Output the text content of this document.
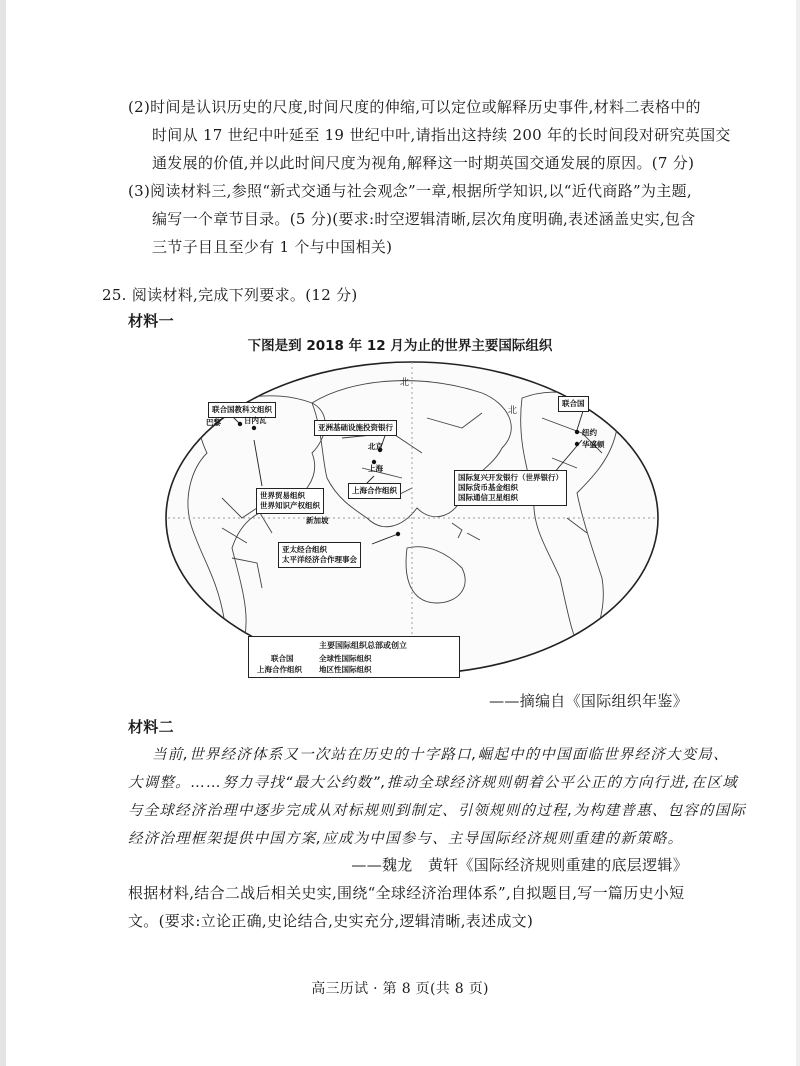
(2)时间是认识历史的尺度,时间尺度的伸缩,可以定位或解释历史事件,材料二表格中的
时间从 17 世纪中叶延至 19 世纪中叶,请指出这持续 200 年的长时间段对研究英国交
通发展的价值,并以此时间尺度为视角,解释这一时期英国交通发展的原因。(7 分)
(3)阅读材料三,参照“新式交通与社会观念”一章,根据所学知识,以“近代商路”为主题,
编写一个章节目录。(5 分)(要求:时空逻辑清晰,层次角度明确,表述涵盖史实,包含
三节子目且至少有 1 个与中国相关)
25. 阅读材料,完成下列要求。(12 分)
材料一
下图是到 2018 年 12 月为止的世界主要国际组织
联合国教科文组织
亚洲基础设施投资银行
联合国
世界贸易组织
世界知识产权组织
上海合作组织
国际复兴开发银行（世界银行）
国际货币基金组织
国际通信卫星组织
亚太经合组织
太平洋经济合作理事会
巴黎	日内瓦
北京
上海
新加坡
纽约
华盛顿
北
北
主要国际组织总部或创立
联合国	全球性国际组织
上海合作组织 地区性国际组织
——摘编自《国际组织年鉴》
材料二
当前,世界经济体系又一次站在历史的十字路口,崛起中的中国面临世界经济大变局、
大调整。……努力寻找“最大公约数”,推动全球经济规则朝着公平公正的方向行进,在区域
与全球经济治理中逐步完成从对标规则到制定、引领规则的过程,为构建普惠、包容的国际
经济治理框架提供中国方案,应成为中国参与、主导国际经济规则重建的新策略。
——魏龙　黄轩《国际经济规则重建的底层逻辑》
根据材料,结合二战后相关史实,围绕“全球经济治理体系”,自拟题目,写一篇历史小短
文。(要求:立论正确,史论结合,史实充分,逻辑清晰,表述成文)
高三历试 · 第 8 页(共 8 页)
